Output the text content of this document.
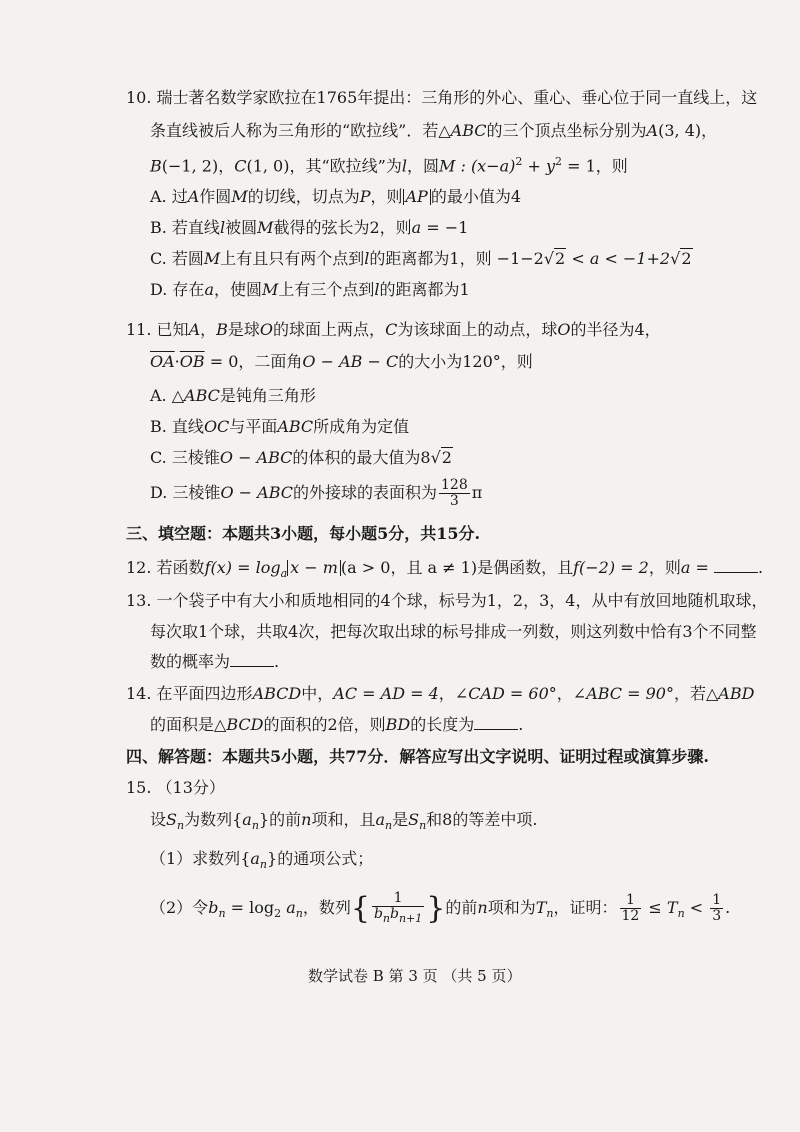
10. 瑞士著名数学家欧拉在1765年提出：三角形的外心、重心、垂心位于同一直线上，这
条直线被后人称为三角形的“欧拉线”．若△ABC的三个顶点坐标分别为A(3, 4)，
B(−1, 2)，C(1, 0)，其“欧拉线”为l，圆M : $(x-a)^2 + y^2 = 1$，则
A. 过A作圆M的切线，切点为P，则 AP 的最小值为4
B. 若直线l被圆M截得的弦长为2，则a = −1
C. 若圆M上有且只有两个点到l的距离都为1，则 −1−2√2 < a < −1+2√2
D. 存在a，使圆M上有三个点到l的距离都为1
11. 已知A，B是球O的球面上两点，C为该球面上的动点，球O的半径为4，
$\overline{OA}\cdot\overline{OB} = 0$，二面角O − AB − C的大小为120°，则
A. △ABC是钝角三角形
B. 直线OC与平面ABC所成角为定值
C. 三棱锥O − ABC的体积的最大值为8√2
D. 三棱锥O − ABC的外接球的表面积为 $\frac{128}{3}$ π
三、填空题：本题共3小题，每小题5分，共15分.
12. 若函数$f(x) = \log_a x - m$ (a > 0，且 a ≠ 1)是偶函数，且f(−2) = 2，则a =	.
13. 一个袋子中有大小和质地相同的4个球，标号为1，2，3，4，从中有放回地随机取球，
每次取1个球，共取4次，把每次取出球的标号排成一列数，则这列数中恰有3个不同整
数的概率为	.
14. 在平面四边形ABCD中，AC = AD = 4，∠CAD = 60°，∠ABC = 90°，若△ABD
的面积是△BCD的面积的2倍，则BD的长度为	.
四、解答题：本题共5小题，共77分．解答应写出文字说明、证明过程或演算步骤.
15. （13分）
设$S_n$为数列$\{a_n\}$的前n项和，且$a_n$是$S_n$和8的等差中项.
（1）求数列$\{a_n\}$的通项公式；
（2）令$b_n = \log_2 a_n$，数列{ $\frac{1}{b_nb_{n+1}}$ }的前n项和为$T_n$，证明： $\frac{1}{12} \le T_n < \frac{1}{3}$ .
数学试卷 B 第 3 页 （共 5 页）
